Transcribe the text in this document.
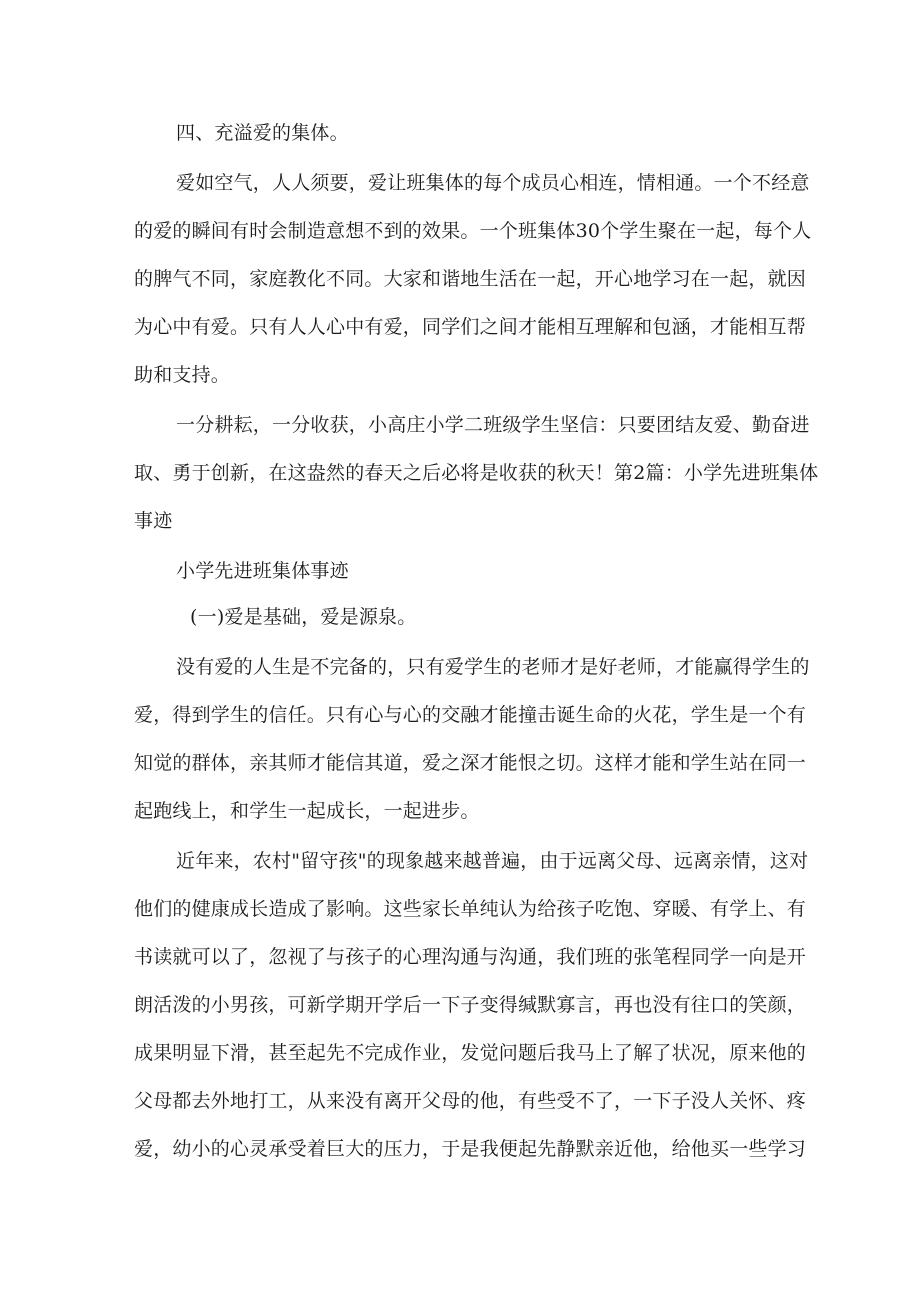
四、充溢爱的集体。
爱如空气，人人须要，爱让班集体的每个成员心相连，情相通。一个不经意
的爱的瞬间有时会制造意想不到的效果。一个班集体30个学生聚在一起，每个人
的脾气不同，家庭教化不同。大家和谐地生活在一起，开心地学习在一起，就因
为心中有爱。只有人人心中有爱，同学们之间才能相互理解和包涵，才能相互帮
助和支持。
一分耕耘，一分收获，小高庄小学二班级学生坚信：只要团结友爱、勤奋进
取、勇于创新，在这盎然的春天之后必将是收获的秋天！第2篇：小学先进班集体
事迹
小学先进班集体事迹
(一)爱是基础，爱是源泉。
没有爱的人生是不完备的，只有爱学生的老师才是好老师，才能赢得学生的
爱，得到学生的信任。只有心与心的交融才能撞击诞生命的火花，学生是一个有
知觉的群体，亲其师才能信其道，爱之深才能恨之切。这样才能和学生站在同一
起跑线上，和学生一起成长，一起进步。
近年来，农村"留守孩"的现象越来越普遍，由于远离父母、远离亲情，这对
他们的健康成长造成了影响。这些家长单纯认为给孩子吃饱、穿暖、有学上、有
书读就可以了，忽视了与孩子的心理沟通与沟通，我们班的张笔程同学一向是开
朗活泼的小男孩，可新学期开学后一下子变得缄默寡言，再也没有往口的笑颜，
成果明显下滑，甚至起先不完成作业，发觉问题后我马上了解了状况，原来他的
父母都去外地打工，从来没有离开父母的他，有些受不了，一下子没人关怀、疼
爱，幼小的心灵承受着巨大的压力，于是我便起先静默亲近他，给他买一些学习
